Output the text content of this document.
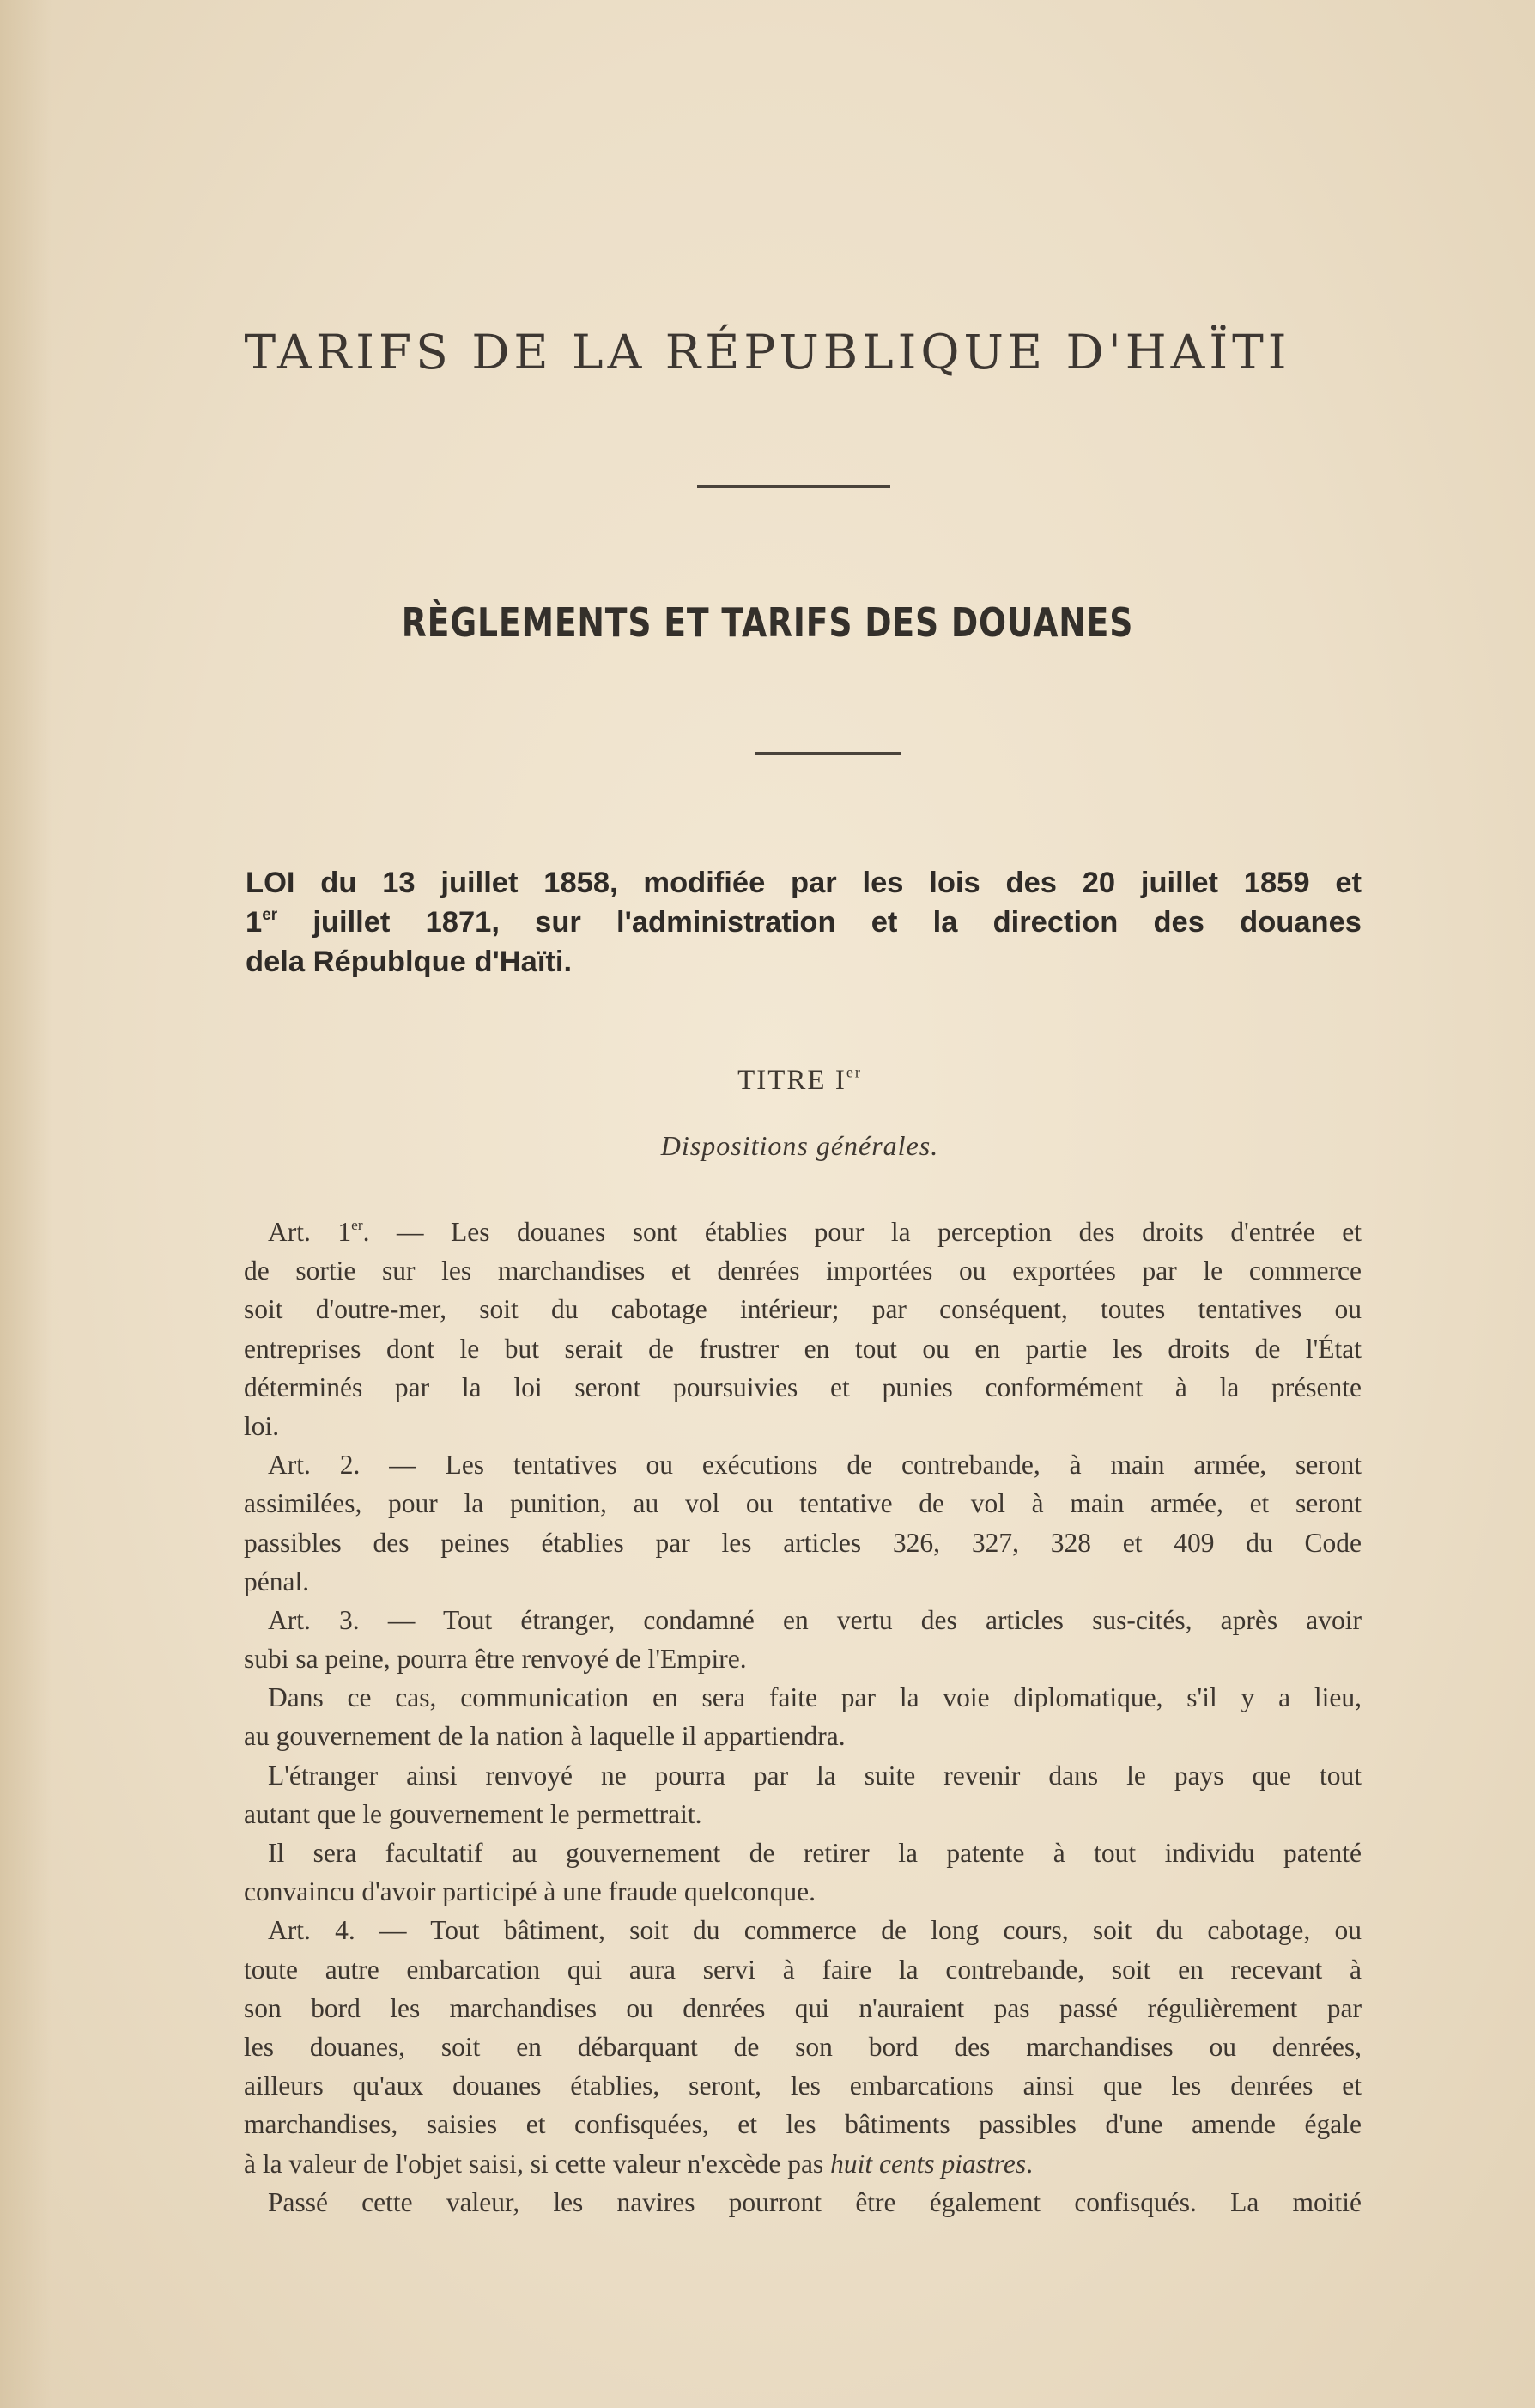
TARIFS DE LA RÉPUBLIQUE D'HAÏTI
RÈGLEMENTS ET TARIFS DES DOUANES
LOI du 13 juillet 1858, modifiée par les lois des 20 juillet 1859 et
1er juillet 1871, sur l'administration et la direction des douanes
dela Républque d'Haïti.
TITRE Ier
Dispositions générales.
Art. 1er. — Les douanes sont établies pour la perception des droits d'entrée et
de sortie sur les marchandises et denrées importées ou exportées par le commerce
soit d'outre-mer, soit du cabotage intérieur; par conséquent, toutes tentatives ou
entreprises dont le but serait de frustrer en tout ou en partie les droits de l'État
déterminés par la loi seront poursuivies et punies conformément à la présente
loi.
Art. 2. — Les tentatives ou exécutions de contrebande, à main armée, seront
assimilées, pour la punition, au vol ou tentative de vol à main armée, et seront
passibles des peines établies par les articles 326, 327, 328 et 409 du Code
pénal.
Art. 3. — Tout étranger, condamné en vertu des articles sus-cités, après avoir
subi sa peine, pourra être renvoyé de l'Empire.
Dans ce cas, communication en sera faite par la voie diplomatique, s'il y a lieu,
au gouvernement de la nation à laquelle il appartiendra.
L'étranger ainsi renvoyé ne pourra par la suite revenir dans le pays que tout
autant que le gouvernement le permettrait.
Il sera facultatif au gouvernement de retirer la patente à tout individu patenté
convaincu d'avoir participé à une fraude quelconque.
Art. 4. — Tout bâtiment, soit du commerce de long cours, soit du cabotage, ou
toute autre embarcation qui aura servi à faire la contrebande, soit en recevant à
son bord les marchandises ou denrées qui n'auraient pas passé régulièrement par
les douanes, soit en débarquant de son bord des marchandises ou denrées,
ailleurs qu'aux douanes établies, seront, les embarcations ainsi que les denrées et
marchandises, saisies et confisquées, et les bâtiments passibles d'une amende égale
à la valeur de l'objet saisi, si cette valeur n'excède pas huit cents piastres.
Passé cette valeur, les navires pourront être également confisqués. La moitié
